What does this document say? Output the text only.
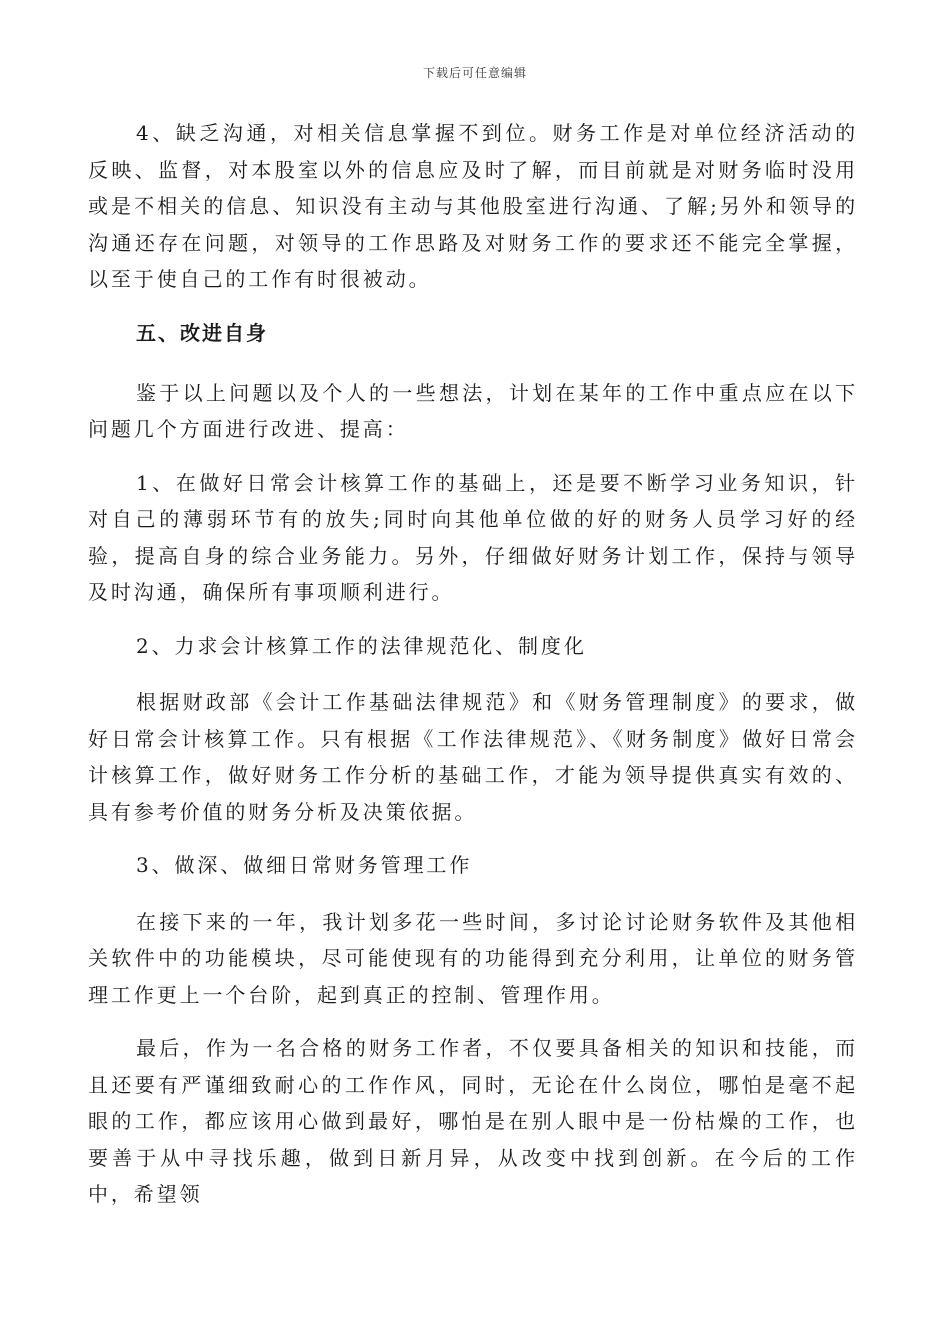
下载后可任意编辑

4、缺乏沟通，对相关信息掌握不到位。财务工作是对单位经济活动的反映、监督，对本股室以外的信息应及时了解，而目前就是对财务临时没用或是不相关的信息、知识没有主动与其他股室进行沟通、了解;另外和领导的沟通还存在问题，对领导的工作思路及对财务工作的要求还不能完全掌握，以至于使自己的工作有时很被动。

五、改进自身

鉴于以上问题以及个人的一些想法，计划在某年的工作中重点应在以下问题几个方面进行改进、提高：

1、在做好日常会计核算工作的基础上，还是要不断学习业务知识，针对自己的薄弱环节有的放失;同时向其他单位做的好的财务人员学习好的经验，提高自身的综合业务能力。另外，仔细做好财务计划工作，保持与领导及时沟通，确保所有事项顺利进行。

2、力求会计核算工作的法律规范化、制度化

根据财政部《会计工作基础法律规范》和《财务管理制度》的要求，做好日常会计核算工作。只有根据《工作法律规范》、《财务制度》做好日常会计核算工作，做好财务工作分析的基础工作，才能为领导提供真实有效的、具有参考价值的财务分析及决策依据。

3、做深、做细日常财务管理工作

在接下来的一年，我计划多花一些时间，多讨论讨论财务软件及其他相关软件中的功能模块，尽可能使现有的功能得到充分利用，让单位的财务管理工作更上一个台阶，起到真正的控制、管理作用。

最后，作为一名合格的财务工作者，不仅要具备相关的知识和技能，而且还要有严谨细致耐心的工作作风，同时，无论在什么岗位，哪怕是毫不起眼的工作，都应该用心做到最好，哪怕是在别人眼中是一份枯燥的工作，也要善于从中寻找乐趣，做到日新月异，从改变中找到创新。在今后的工作中，希望领
